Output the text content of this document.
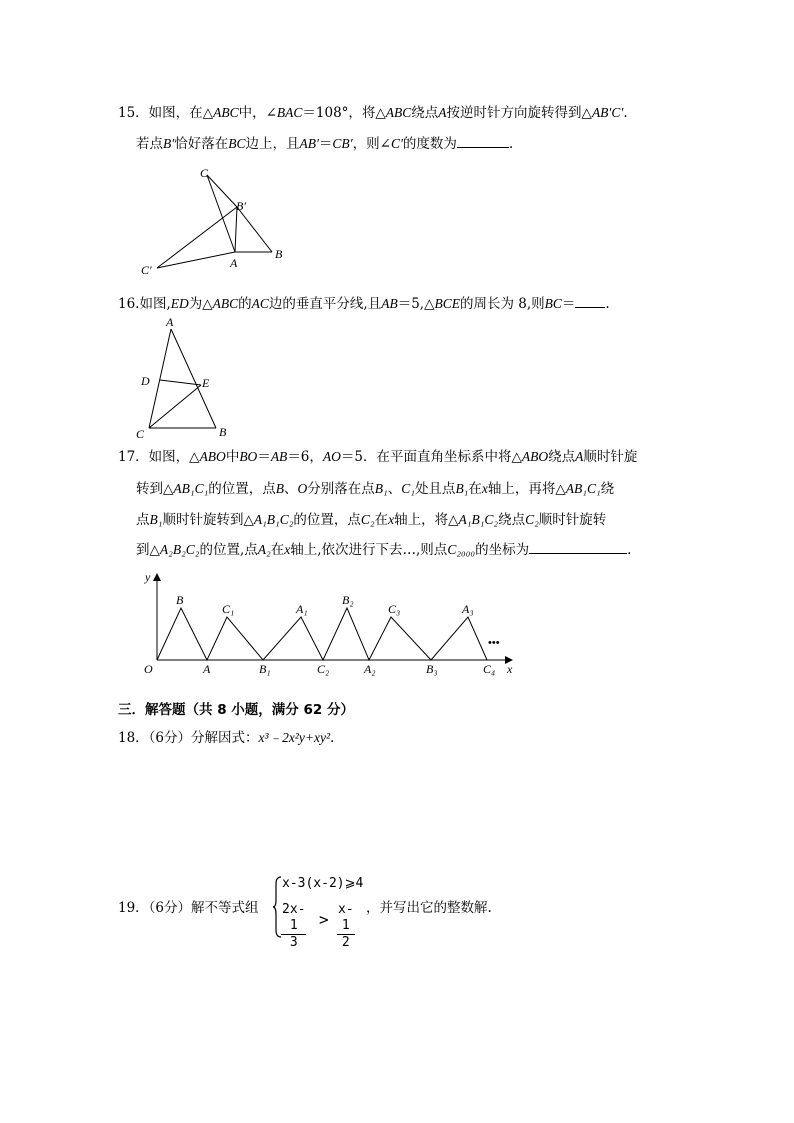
15．如图，在△ABC中，∠BAC＝108°，将△ABC绕点A按逆时针方向旋转得到△AB′C′.
若点B′恰好落在BC边上，且AB′＝CB′，则∠C′的度数为	.
C
B′
B
A
C′
16.如图,ED为△ABC的AC边的垂直平分线,且AB＝5,△BCE的周长为 8,则BC＝ .
A
D	E
C	B
17．如图，△ABO中BO＝AB＝6，AO＝5．在平面直角坐标系中将△ABO绕点A顺时针旋
转到△AB₁C₁的位置，点B、O分别落在点B₁、C₁处且点B₁在x轴上，再将△AB₁C₁绕
点B₁顺时针旋转到△A₁B₁C₂的位置，点C₂在x轴上，将△A₁B₁C₂绕点C₂顺时针旋转
到△A₂B₂C₂的位置,点A₂在x轴上,依次进行下去…,则点C₂₀₀₀的坐标为	.
y
x
O
B
C₁	A₁
B₂
C₃	A₃
A	B₁	C₂	A₂	B₃	C₄
•••
三．解答题（共 8 小题，满分 62 分）
18．（6分）分解因式：x³﹣2x²y+xy².
19．（6分）解不等式组
x-3(x-2)⩾4
$\frac{2x-1}{3} > \frac{x-1}{2}$ ，并写出它的整数解.
